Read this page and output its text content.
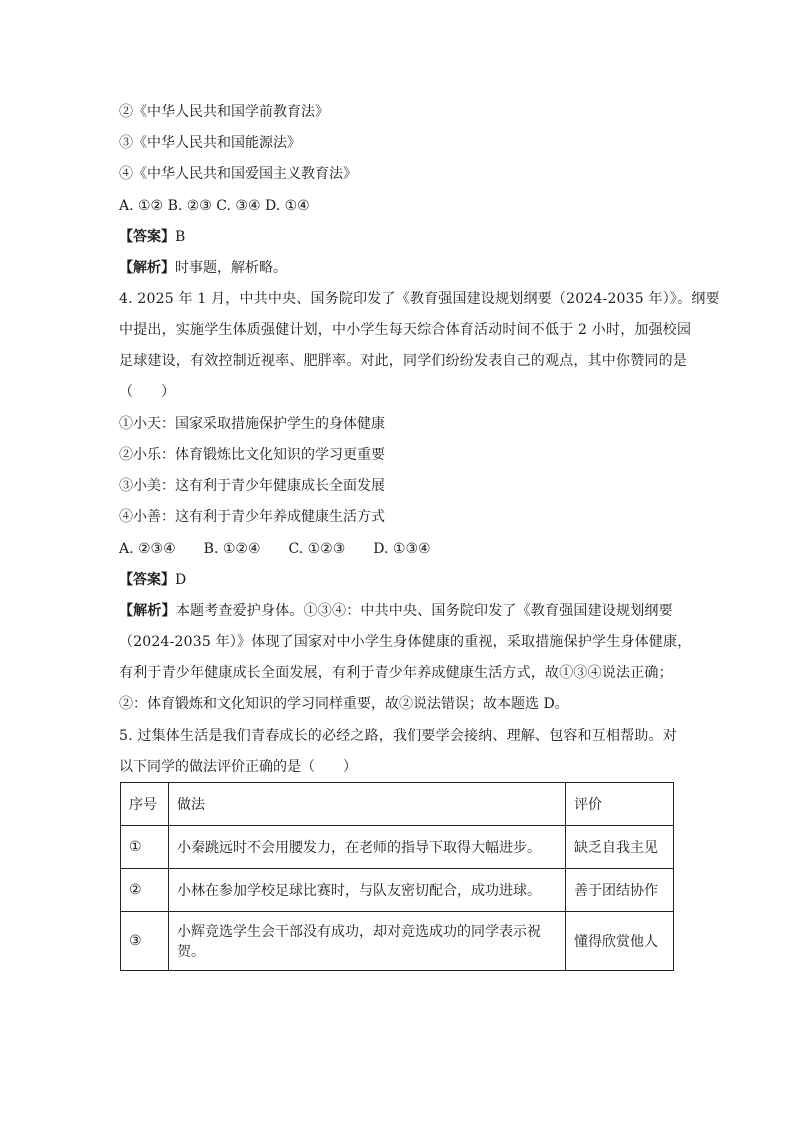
②《中华人民共和国学前教育法》
③《中华人民共和国能源法》
④《中华人民共和国爱国主义教育法》
A. ①② B. ②③ C. ③④ D. ①④
【答案】B
【解析】时事题，解析略。
4. 2025 年 1 月，中共中央、国务院印发了《教育强国建设规划纲要（2024-2035 年）》。纲要
中提出，实施学生体质强健计划，中小学生每天综合体育活动时间不低于 2 小时，加强校园
足球建设，有效控制近视率、肥胖率。对此，同学们纷纷发表自己的观点，其中你赞同的是
（　　）
①小天：国家采取措施保护学生的身体健康
②小乐：体育锻炼比文化知识的学习更重要
③小美：这有利于青少年健康成长全面发展
④小善：这有利于青少年养成健康生活方式
A. ②③④　　B. ①②④　　C. ①②③　　D. ①③④
【答案】D
【解析】本题考查爱护身体。①③④：中共中央、国务院印发了《教育强国建设规划纲要
（2024-2035 年）》体现了国家对中小学生身体健康的重视，采取措施保护学生身体健康，
有利于青少年健康成长全面发展，有利于青少年养成健康生活方式，故①③④说法正确；
②：体育锻炼和文化知识的学习同样重要，故②说法错误；故本题选 D。
5. 过集体生活是我们青春成长的必经之路，我们要学会接纳、理解、包容和互相帮助。对
以下同学的做法评价正确的是（　　）
序号	做法	评价
①	小秦跳远时不会用腰发力，在老师的指导下取得大幅进步。	缺乏自我主见
②	小林在参加学校足球比赛时，与队友密切配合，成功进球。	善于团结协作
③	小辉竞选学生会干部没有成功，却对竞选成功的同学表示祝贺。	懂得欣赏他人
